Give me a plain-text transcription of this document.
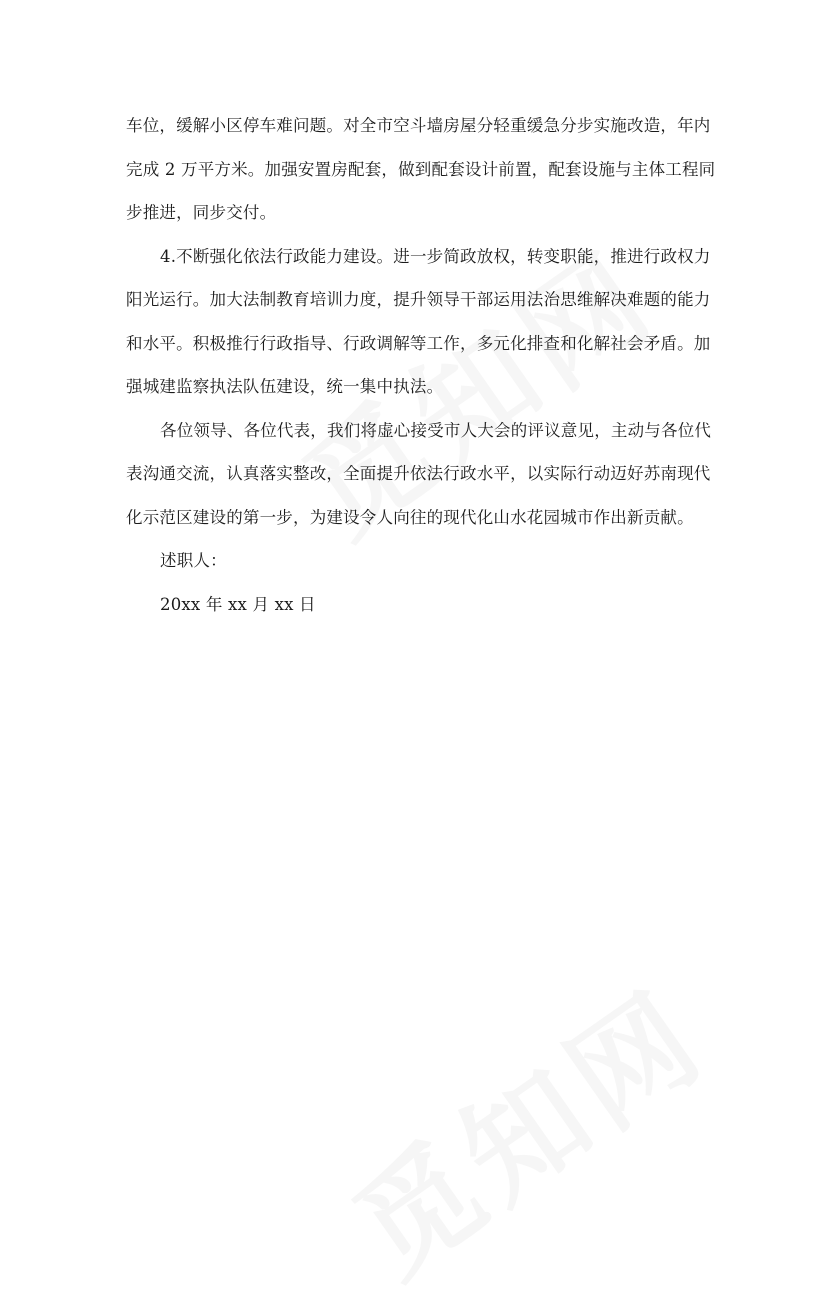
车位，缓解小区停车难问题。对全市空斗墙房屋分轻重缓急分步实施改造，年内
完成 2 万平方米。加强安置房配套，做到配套设计前置，配套设施与主体工程同
步推进，同步交付。

4.不断强化依法行政能力建设。进一步简政放权，转变职能，推进行政权力
阳光运行。加大法制教育培训力度，提升领导干部运用法治思维解决难题的能力
和水平。积极推行行政指导、行政调解等工作，多元化排查和化解社会矛盾。加
强城建监察执法队伍建设，统一集中执法。

各位领导、各位代表，我们将虚心接受市人大会的评议意见，主动与各位代
表沟通交流，认真落实整改，全面提升依法行政水平，以实际行动迈好苏南现代
化示范区建设的第一步，为建设令人向往的现代化山水花园城市作出新贡献。

述职人：

20xx 年 xx 月 xx 日
